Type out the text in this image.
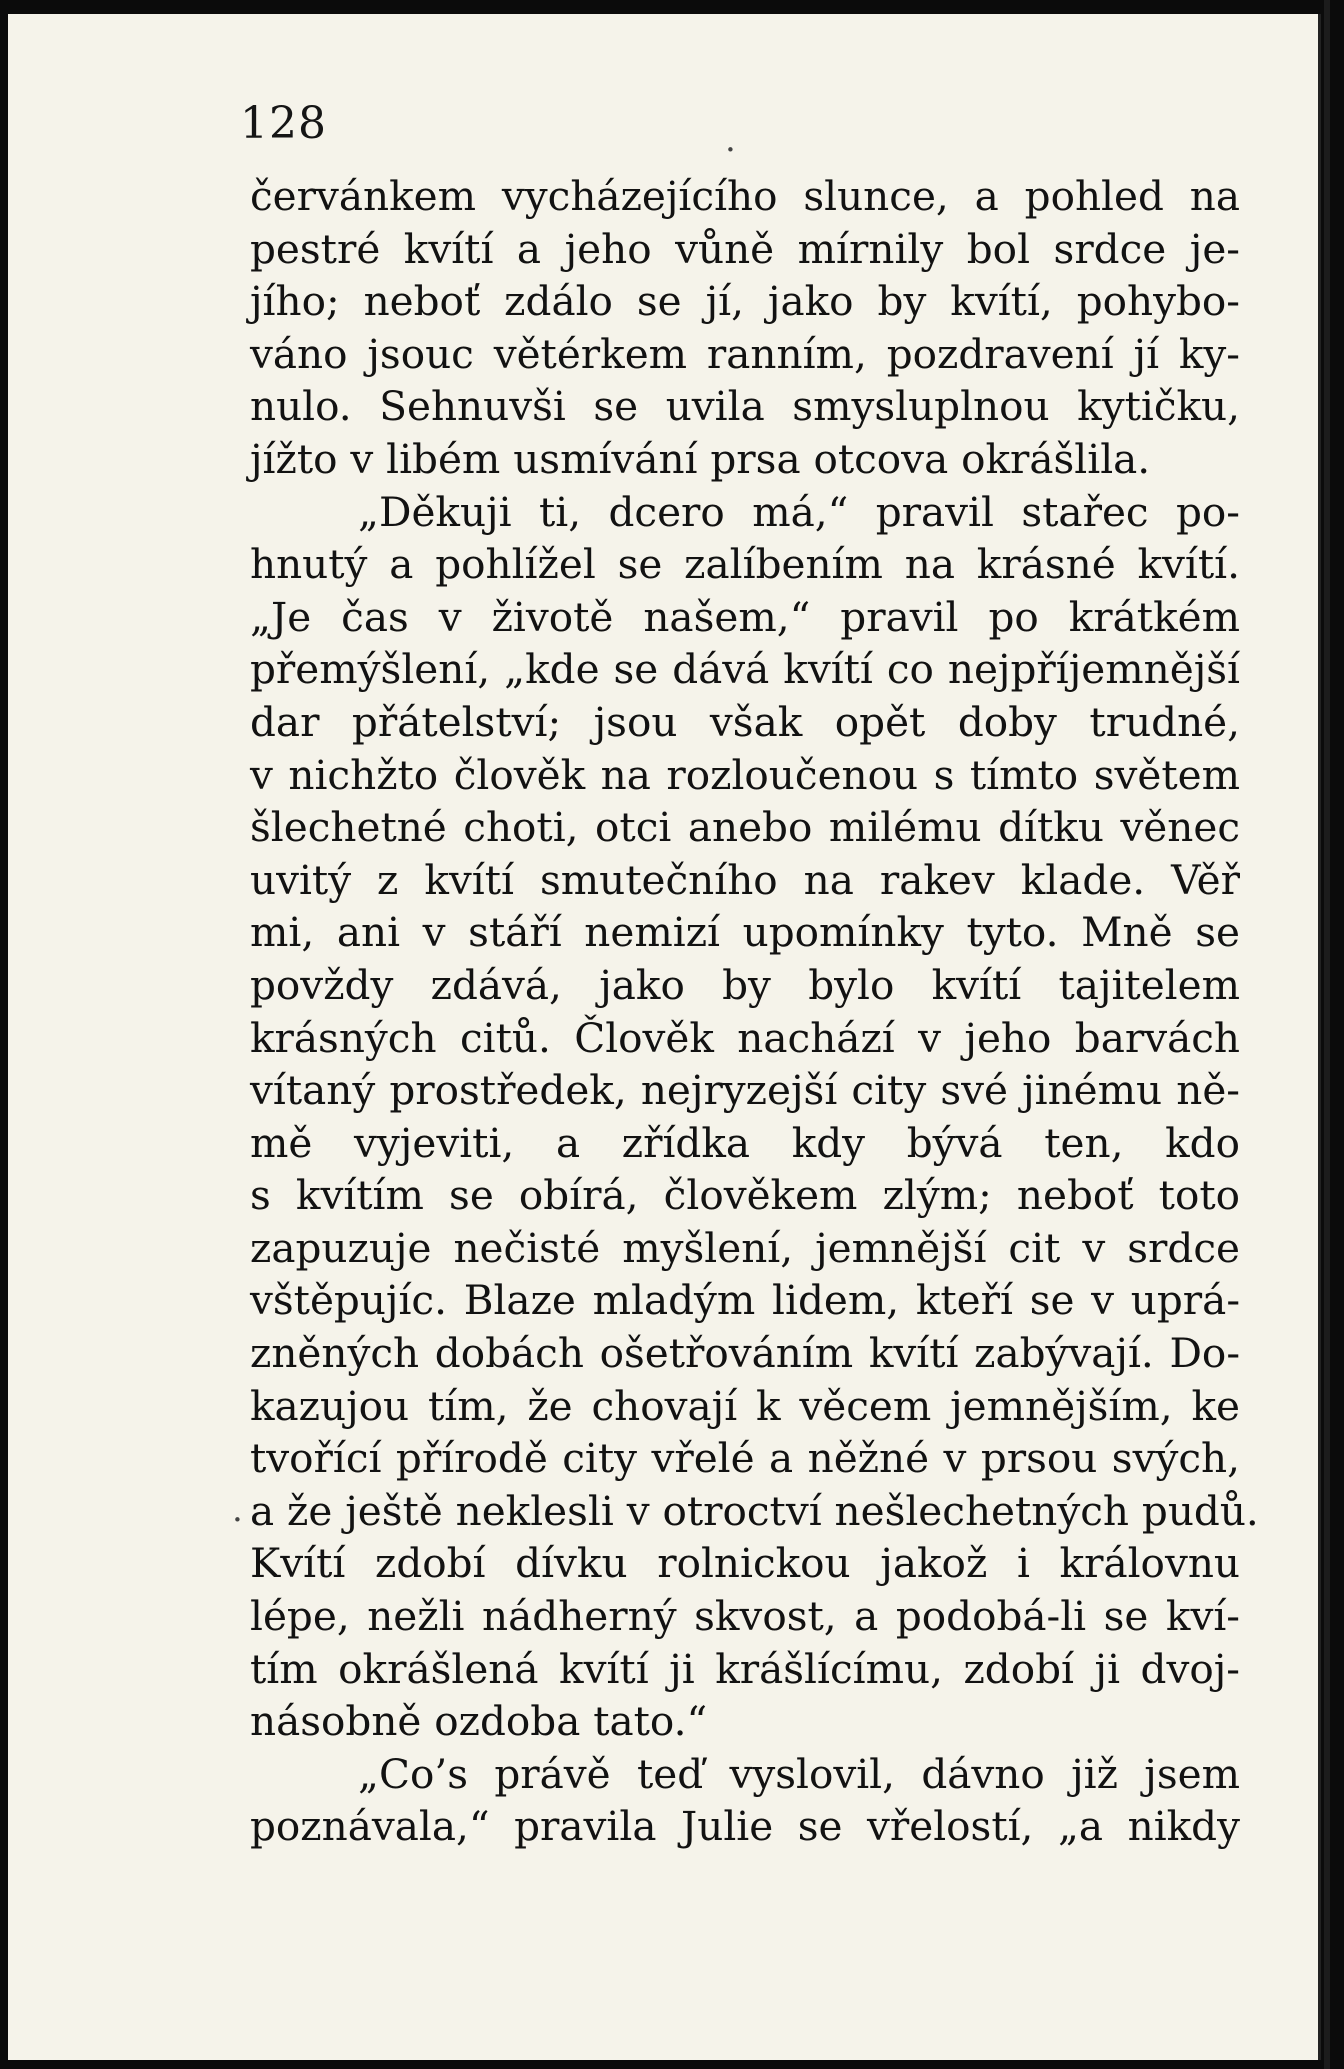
128
červánkem vycházejícího slunce, a pohled na
pestré kvítí a jeho vůně mírnily bol srdce je-
jího; neboť zdálo se jí, jako by kvítí, pohybo-
váno jsouc větérkem ranním, pozdravení jí ky-
nulo. Sehnuvši se uvila smysluplnou kytičku,
jížto v libém usmívání prsa otcova okrášlila.
„Děkuji ti, dcero má,“ pravil stařec po-
hnutý a pohlížel se zalíbením na krásné kvítí.
„Je čas v životě našem,“ pravil po krátkém
přemýšlení, „kde se dává kvítí co nejpříjemnější
dar přátelství; jsou však opět doby trudné,
v nichžto člověk na rozloučenou s tímto světem
šlechetné choti, otci anebo milému dítku věnec
uvitý z kvítí smutečního na rakev klade. Věř
mi, ani v stáří nemizí upomínky tyto. Mně se
povždy zdává, jako by bylo kvítí tajitelem
krásných citů. Člověk nachází v jeho barvách
vítaný prostředek, nejryzejší city své jinému ně-
mě vyjeviti, a zřídka kdy bývá ten, kdo
s kvítím se obírá, člověkem zlým; neboť toto
zapuzuje nečisté myšlení, jemnější cit v srdce
vštěpujíc. Blaze mladým lidem, kteří se v uprá-
zněných dobách ošetřováním kvítí zabývají. Do-
kazujou tím, že chovají k věcem jemnějším, ke
tvořící přírodě city vřelé a něžné v prsou svých,
a že ještě neklesli v otroctví nešlechetných pudů.
Kvítí zdobí dívku rolnickou jakož i královnu
lépe, nežli nádherný skvost, a podobá-li se kví-
tím okrášlená kvítí ji krášlícímu, zdobí ji dvoj-
násobně ozdoba tato.“
„Co’s právě teď vyslovil, dávno již jsem
poznávala,“ pravila Julie se vřelostí, „a nikdy
.
.
